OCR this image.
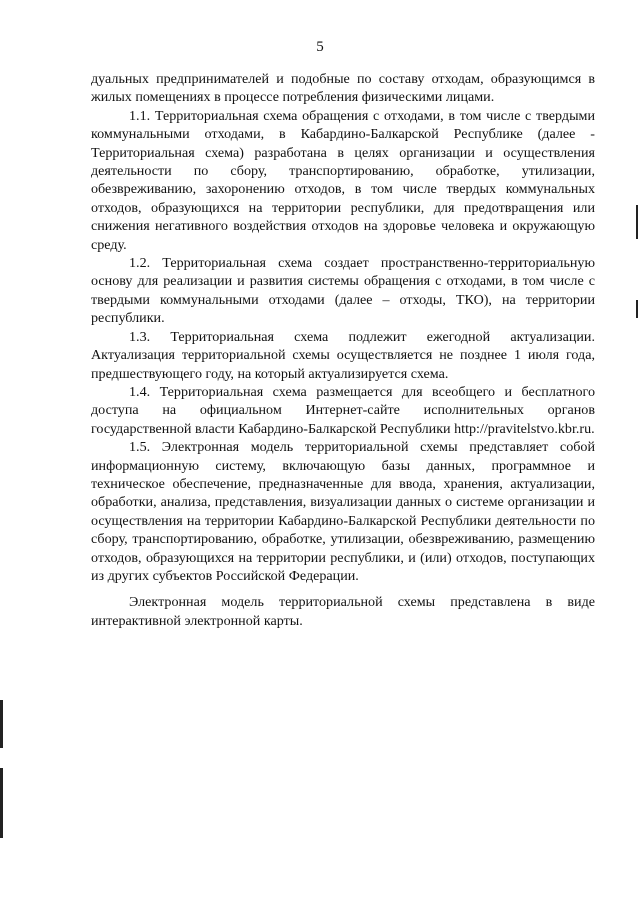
5

дуальных предпринимателей и подобные по составу отходам, образующимся в жилых помещениях в процессе потребления физическими лицами.

1.1. Территориальная схема обращения с отходами, в том числе с твердыми коммунальными отходами, в Кабардино-Балкарской Республике (далее - Территориальная схема) разработана в целях организации и осуществления деятельности по сбору, транспортированию, обработке, утилизации, обезвреживанию, захоронению отходов, в том числе твердых коммунальных отходов, образующихся на территории республики, для предотвращения или снижения негативного воздействия отходов на здоровье человека и окружающую среду.

1.2. Территориальная схема создает пространственно-территориальную основу для реализации и развития системы обращения с отходами, в том числе с твердыми коммунальными отходами (далее – отходы, ТКО), на территории республики.

1.3. Территориальная схема подлежит ежегодной актуализации. Актуализация территориальной схемы осуществляется не позднее 1 июля года, предшествующего году, на который актуализируется схема.

1.4. Территориальная схема размещается для всеобщего и бесплатного доступа на официальном Интернет-сайте исполнительных органов государственной власти Кабардино-Балкарской Республики http://pravitelstvo.kbr.ru.

1.5. Электронная модель территориальной схемы представляет собой информационную систему, включающую базы данных, программное и техническое обеспечение, предназначенные для ввода, хранения, актуализации, обработки, анализа, представления, визуализации данных о системе организации и осуществления на территории Кабардино-Балкарской Республики деятельности по сбору, транспортированию, обработке, утилизации, обезвреживанию, размещению отходов, образующихся на территории республики, и (или) отходов, поступающих из других субъектов Российской Федерации.

Электронная модель территориальной схемы представлена в виде интерактивной электронной карты.
